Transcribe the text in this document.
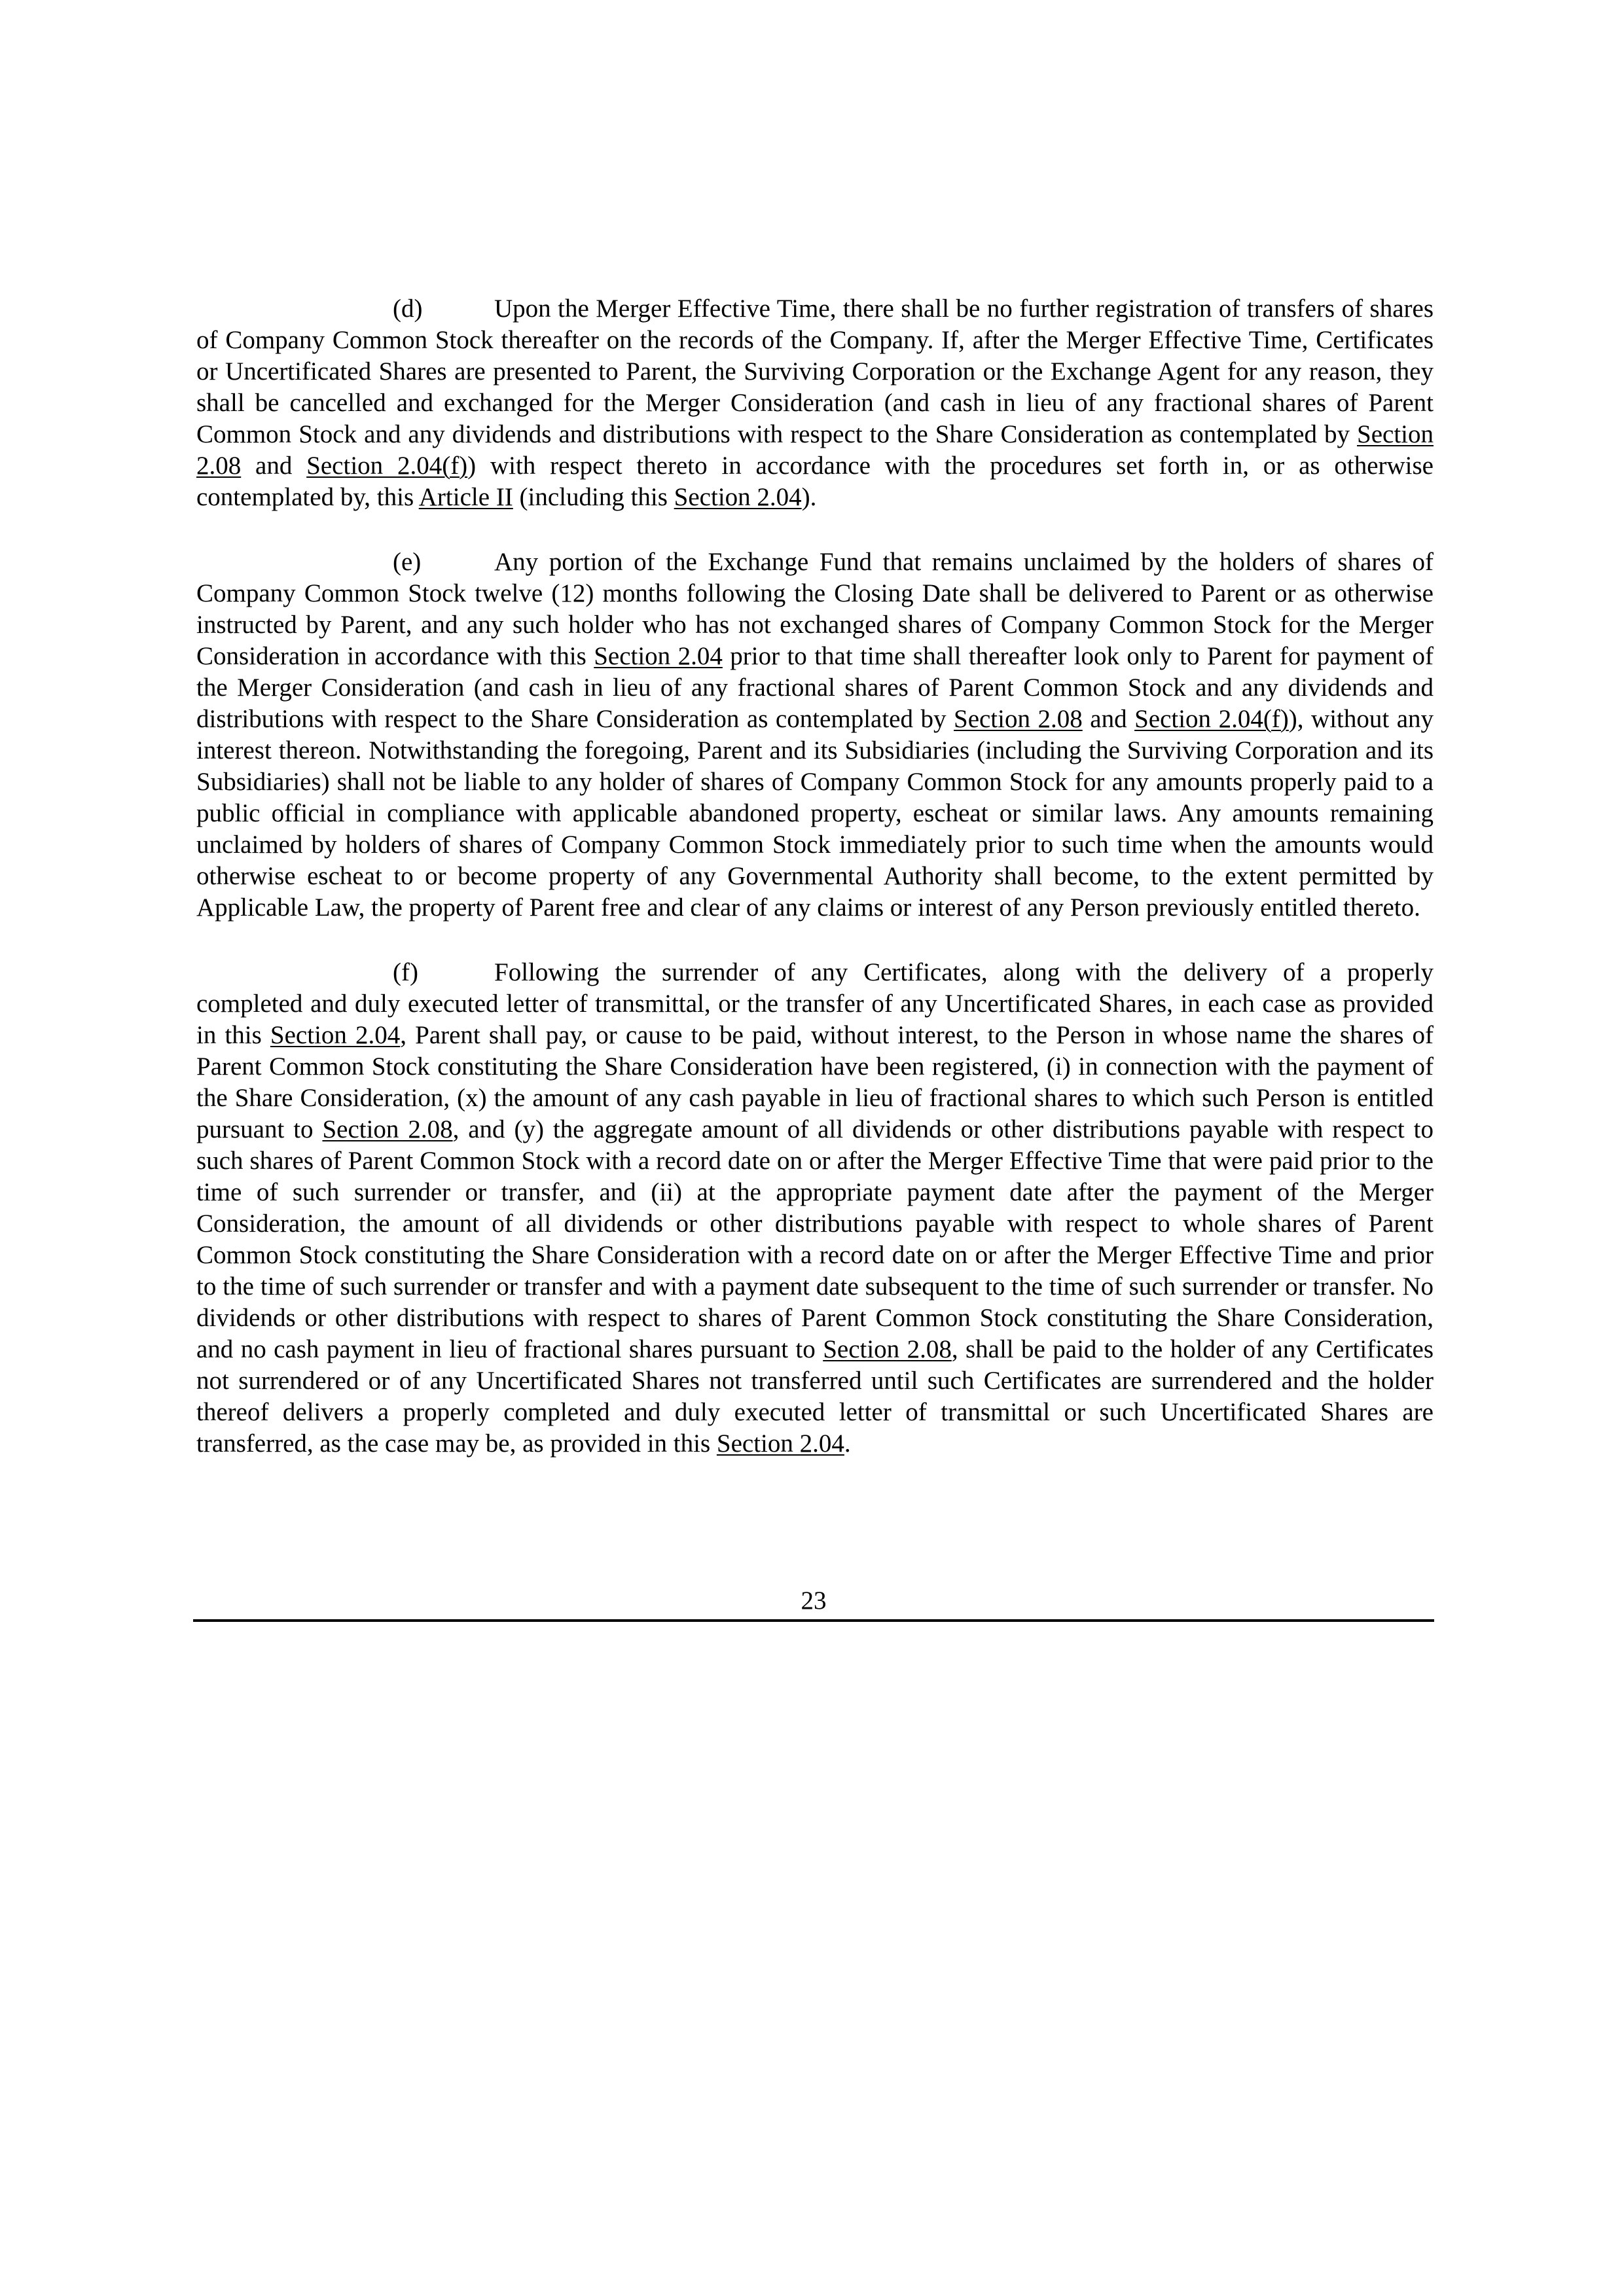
(d)	Upon the Merger Effective Time, there shall be no further registration of transfers of shares of Company Common Stock thereafter on the records of the Company. If, after the Merger Effective Time, Certificates or Uncertificated Shares are presented to Parent, the Surviving Corporation or the Exchange Agent for any reason, they shall be cancelled and exchanged for the Merger Consideration (and cash in lieu of any fractional shares of Parent Common Stock and any dividends and distributions with respect to the Share Consideration as contemplated by Section 2.08 and Section 2.04(f)) with respect thereto in accordance with the procedures set forth in, or as otherwise contemplated by, this Article II (including this Section 2.04).

(e)	Any portion of the Exchange Fund that remains unclaimed by the holders of shares of Company Common Stock twelve (12) months following the Closing Date shall be delivered to Parent or as otherwise instructed by Parent, and any such holder who has not exchanged shares of Company Common Stock for the Merger Consideration in accordance with this Section 2.04 prior to that time shall thereafter look only to Parent for payment of the Merger Consideration (and cash in lieu of any fractional shares of Parent Common Stock and any dividends and distributions with respect to the Share Consideration as contemplated by Section 2.08 and Section 2.04(f)), without any interest thereon. Notwithstanding the foregoing, Parent and its Subsidiaries (including the Surviving Corporation and its Subsidiaries) shall not be liable to any holder of shares of Company Common Stock for any amounts properly paid to a public official in compliance with applicable abandoned property, escheat or similar laws. Any amounts remaining unclaimed by holders of shares of Company Common Stock immediately prior to such time when the amounts would otherwise escheat to or become property of any Governmental Authority shall become, to the extent permitted by Applicable Law, the property of Parent free and clear of any claims or interest of any Person previously entitled thereto.

(f)	Following the surrender of any Certificates, along with the delivery of a properly completed and duly executed letter of transmittal, or the transfer of any Uncertificated Shares, in each case as provided in this Section 2.04, Parent shall pay, or cause to be paid, without interest, to the Person in whose name the shares of Parent Common Stock constituting the Share Consideration have been registered, (i) in connection with the payment of the Share Consideration, (x) the amount of any cash payable in lieu of fractional shares to which such Person is entitled pursuant to Section 2.08, and (y) the aggregate amount of all dividends or other distributions payable with respect to such shares of Parent Common Stock with a record date on or after the Merger Effective Time that were paid prior to the time of such surrender or transfer, and (ii) at the appropriate payment date after the payment of the Merger Consideration, the amount of all dividends or other distributions payable with respect to whole shares of Parent Common Stock constituting the Share Consideration with a record date on or after the Merger Effective Time and prior to the time of such surrender or transfer and with a payment date subsequent to the time of such surrender or transfer. No dividends or other distributions with respect to shares of Parent Common Stock constituting the Share Consideration, and no cash payment in lieu of fractional shares pursuant to Section 2.08, shall be paid to the holder of any Certificates not surrendered or of any Uncertificated Shares not transferred until such Certificates are surrendered and the holder thereof delivers a properly completed and duly executed letter of transmittal or such Uncertificated Shares are transferred, as the case may be, as provided in this Section 2.04.

23
